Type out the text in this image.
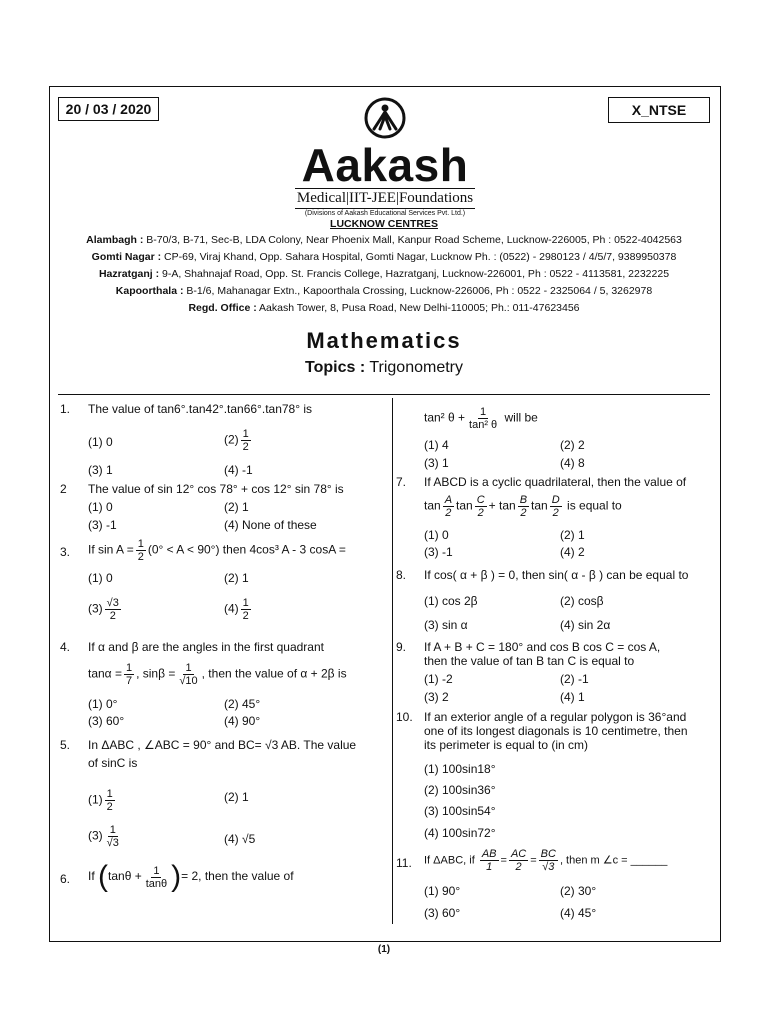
20 / 03 / 2020	X_NTSE
Aakash
Medical|IIT-JEE|Foundations
(Divisions of Aakash Educational Services Pvt. Ltd.)
LUCKNOW CENTRES
Alambagh : B-70/3, B-71, Sec-B, LDA Colony, Near Phoenix Mall, Kanpur Road Scheme, Lucknow-226005, Ph : 0522-4042563
Gomti Nagar : CP-69, Viraj Khand, Opp. Sahara Hospital, Gomti Nagar, Lucknow Ph. : (0522) - 2980123 / 4/5/7, 9389950378
Hazratganj : 9-A, Shahnajaf Road, Opp. St. Francis College, Hazratganj, Lucknow-226001, Ph : 0522 - 4113581, 2232225
Kapoorthala : B-1/6, Mahanagar Extn., Kapoorthala Crossing, Lucknow-226006, Ph : 0522 - 2325064 / 5, 3262978
Regd. Office : Aakash Tower, 8, Pusa Road, New Delhi-110005; Ph.: 011-47623456
Mathematics
Topics : Trigonometry
1. The value of tan6°.tan42°.tan66°.tan78° is
(1) 0	$(2) \frac{1}{2}$
(3) 1	(4) -1
2 The value of sin 12° cos 78° + cos 12° sin 78° is
(1) 0	(2) 1
(3) -1	(4) None of these
3. If $\sin A = \frac{1}{2} (0^\circ < A < 90^\circ)$ then 4cos³ A - 3 cosA =
(1) 0	(2) 1
$(3) \frac{√3}{2}$	$(4) \frac{1}{2}$
4. If α and β are the angles in the first quadrant
$\tan\alpha = \frac{1}{7}$ , $\sin\beta = \frac{1}{√10}$ , then the value of α + 2β is
(1) 0°	(2) 45°
(3) 60°	(4) 90°
5. In ΔABC , ∠ABC = 90° and BC= √3 AB. The value
of sinC is
$(1) \frac{1}{2}$	(2) 1
$(3) \frac{1}{√3}$	(4) √5
6. If ($\tan\theta + \frac{1}{\tan\theta}$ )= 2, then the value of
tan² $\theta + \frac{1}{\text{tan² θ}}$ will be
(1) 4	(2) 2
(3) 1	(4) 8
7. If ABCD is a cyclic quadrilateral, then the value of
$\tan \frac{A}{2}$ $\tan \frac{C}{2} + \tan \frac{B}{2}$ $\tan \frac{D}{2}$ is equal to
(1) 0	(2) 1
(3) -1	(4) 2
8. If cos( α + β ) = 0, then sin( α - β ) can be equal to
(1) cos 2β	(2) cosβ
(3) sin α	(4) sin 2α
9. If A + B + C = 180° and cos B cos C = cos A,
then the value of tan B tan C is equal to
(1) -2	(2) -1
(3) 2	(4) 1
10. If an exterior angle of a regular polygon is 36°and
one of its longest diagonals is 10 centimetre, then
its perimeter is equal to (in cm)
(1) 100sin18°
(2) 100sin36°
(3) 100sin54°
(4) 100sin72°
11. If ΔABC, if $\frac{AB}{1} = \frac{AC}{2} = \frac{BC}{√3}$ , then m ∠c = ______
(1) 90°	(2) 30°
(3) 60°	(4) 45°
(1)
